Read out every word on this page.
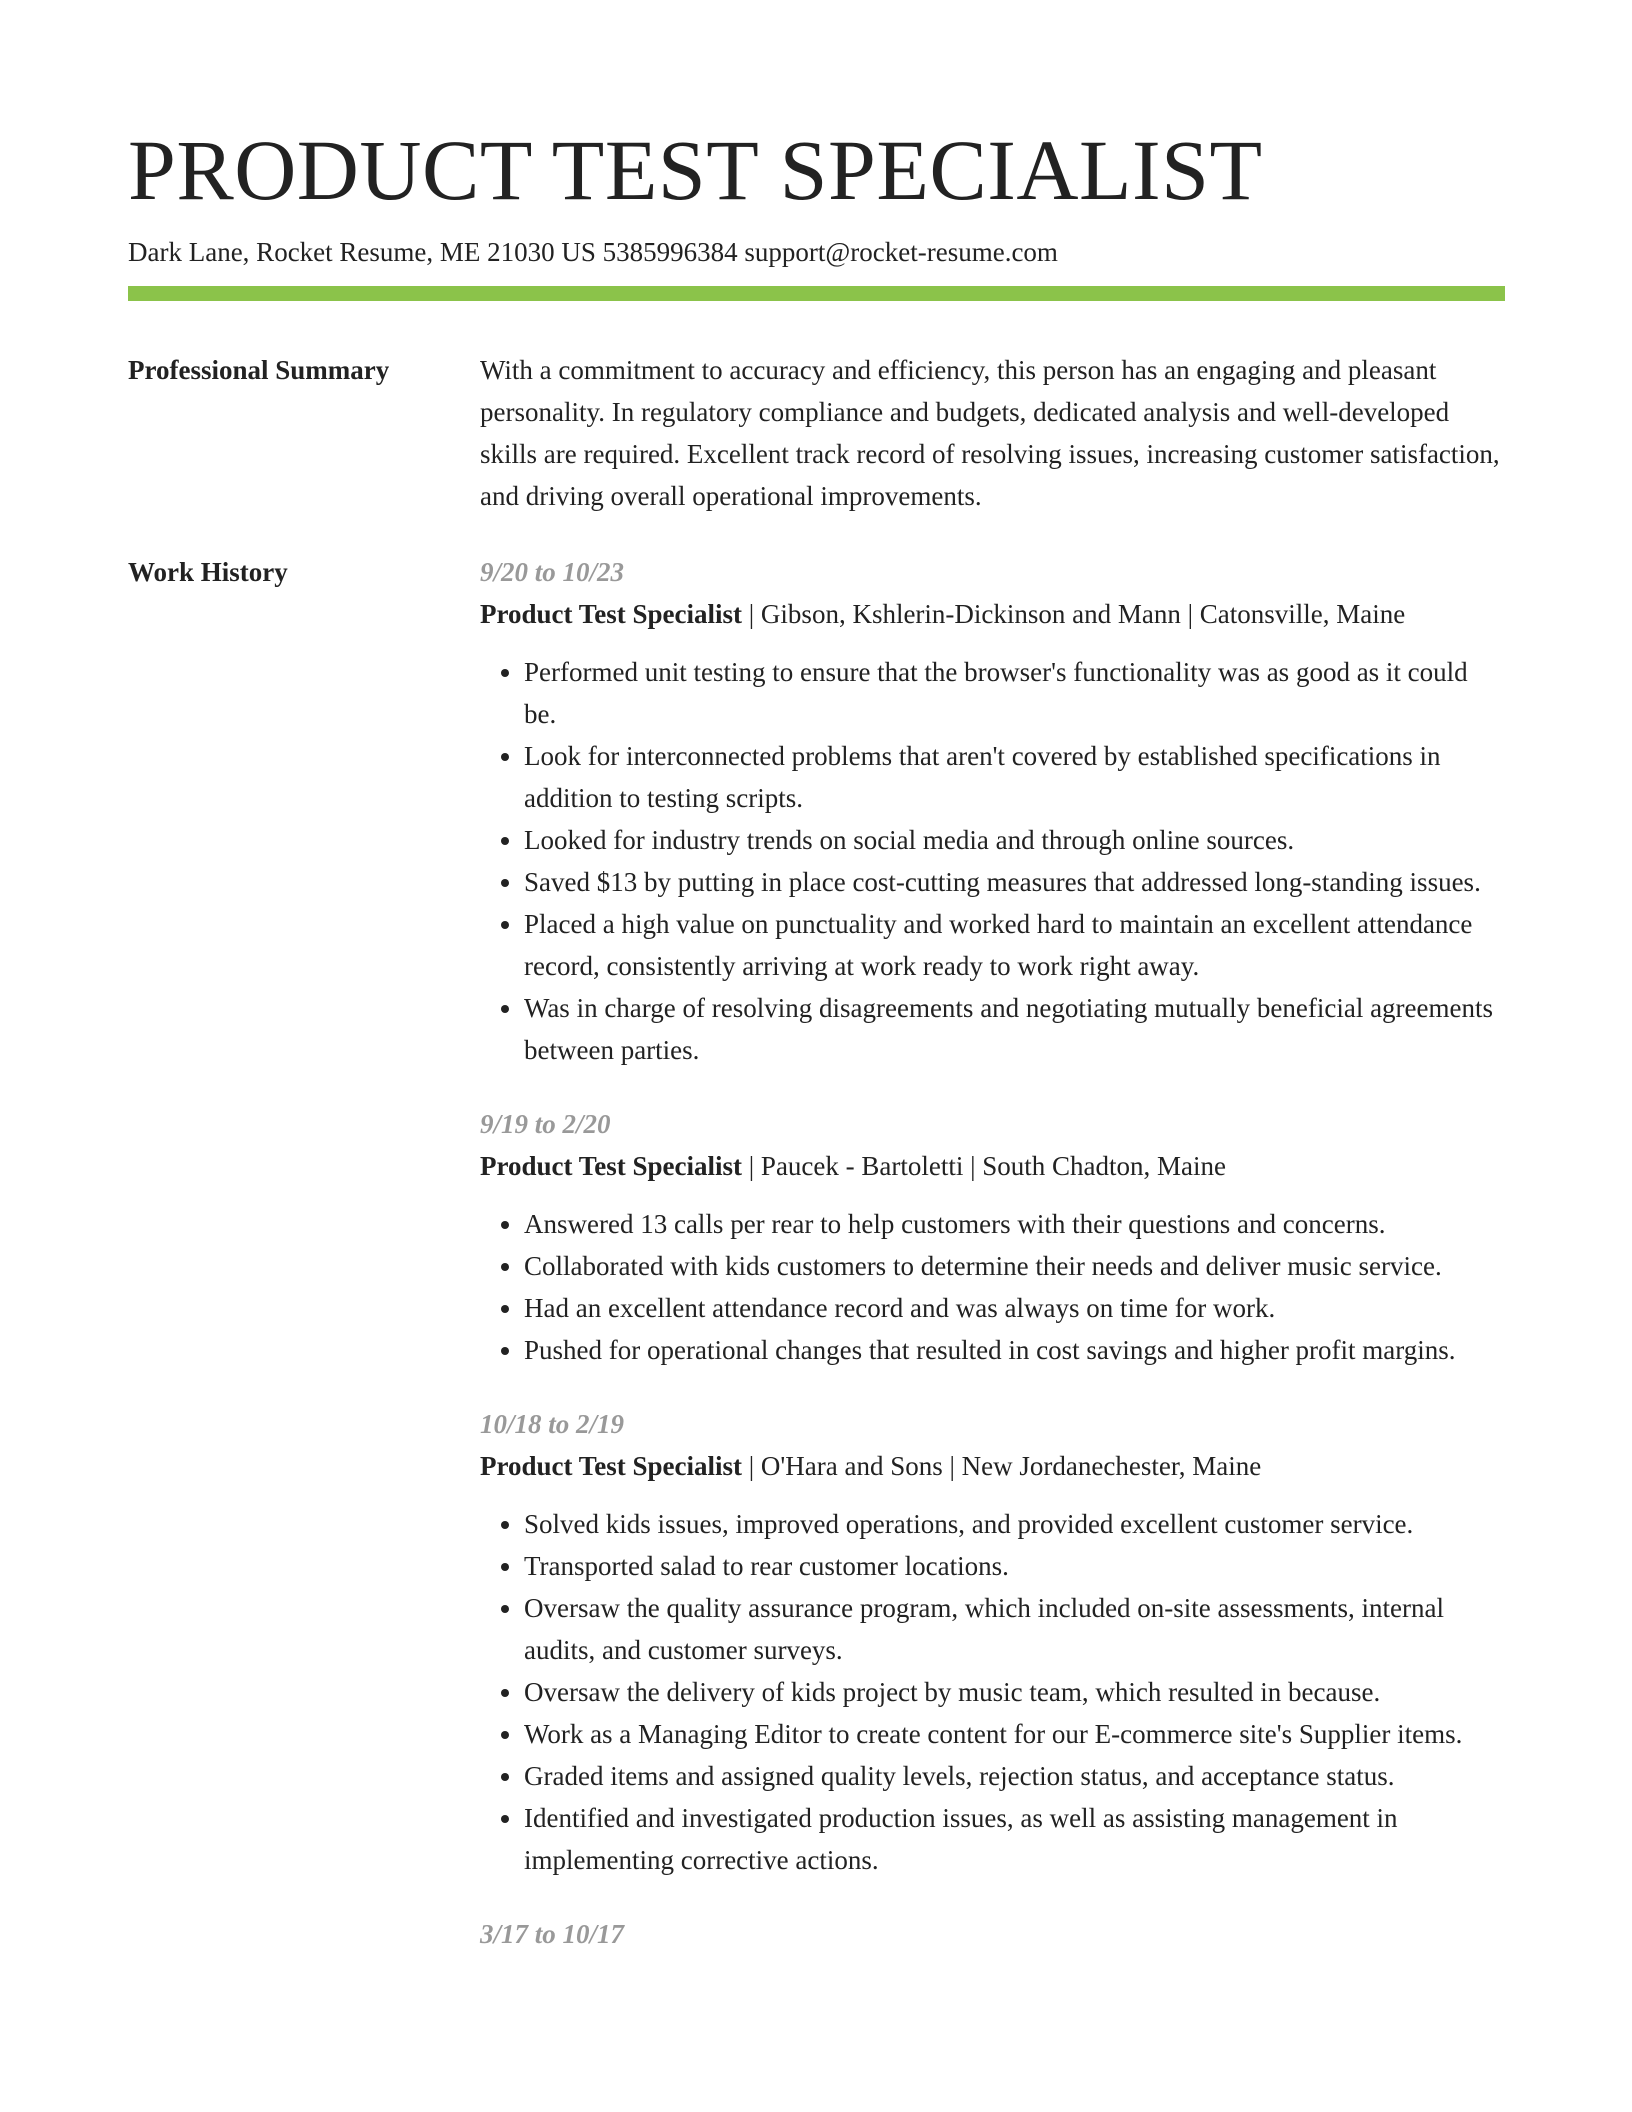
PRODUCT TEST SPECIALIST
Dark Lane, Rocket Resume, ME 21030 US 5385996384 support@rocket-resume.com
Professional Summary	With a commitment to accuracy and efficiency, this person has an engaging and pleasant personality. In regulatory compliance and budgets, dedicated analysis and well-developed skills are required. Excellent track record of resolving issues, increasing customer satisfaction, and driving overall operational improvements.

Work History	9/20 to 10/23
Product Test Specialist | Gibson, Kshlerin-Dickinson and Mann | Catonsville, Maine
• Performed unit testing to ensure that the browser's functionality was as good as it could be.
• Look for interconnected problems that aren't covered by established specifications in addition to testing scripts.
• Looked for industry trends on social media and through online sources.
• Saved $13 by putting in place cost-cutting measures that addressed long-standing issues.
• Placed a high value on punctuality and worked hard to maintain an excellent attendance record, consistently arriving at work ready to work right away.
• Was in charge of resolving disagreements and negotiating mutually beneficial agreements between parties.
9/19 to 2/20
Product Test Specialist | Paucek - Bartoletti | South Chadton, Maine
• Answered 13 calls per rear to help customers with their questions and concerns.
• Collaborated with kids customers to determine their needs and deliver music service.
• Had an excellent attendance record and was always on time for work.
• Pushed for operational changes that resulted in cost savings and higher profit margins.
10/18 to 2/19
Product Test Specialist | O'Hara and Sons | New Jordanechester, Maine
• Solved kids issues, improved operations, and provided excellent customer service.
• Transported salad to rear customer locations.
• Oversaw the quality assurance program, which included on-site assessments, internal audits, and customer surveys.
• Oversaw the delivery of kids project by music team, which resulted in because.
• Work as a Managing Editor to create content for our E-commerce site's Supplier items.
• Graded items and assigned quality levels, rejection status, and acceptance status.
• Identified and investigated production issues, as well as assisting management in implementing corrective actions.
3/17 to 10/17
